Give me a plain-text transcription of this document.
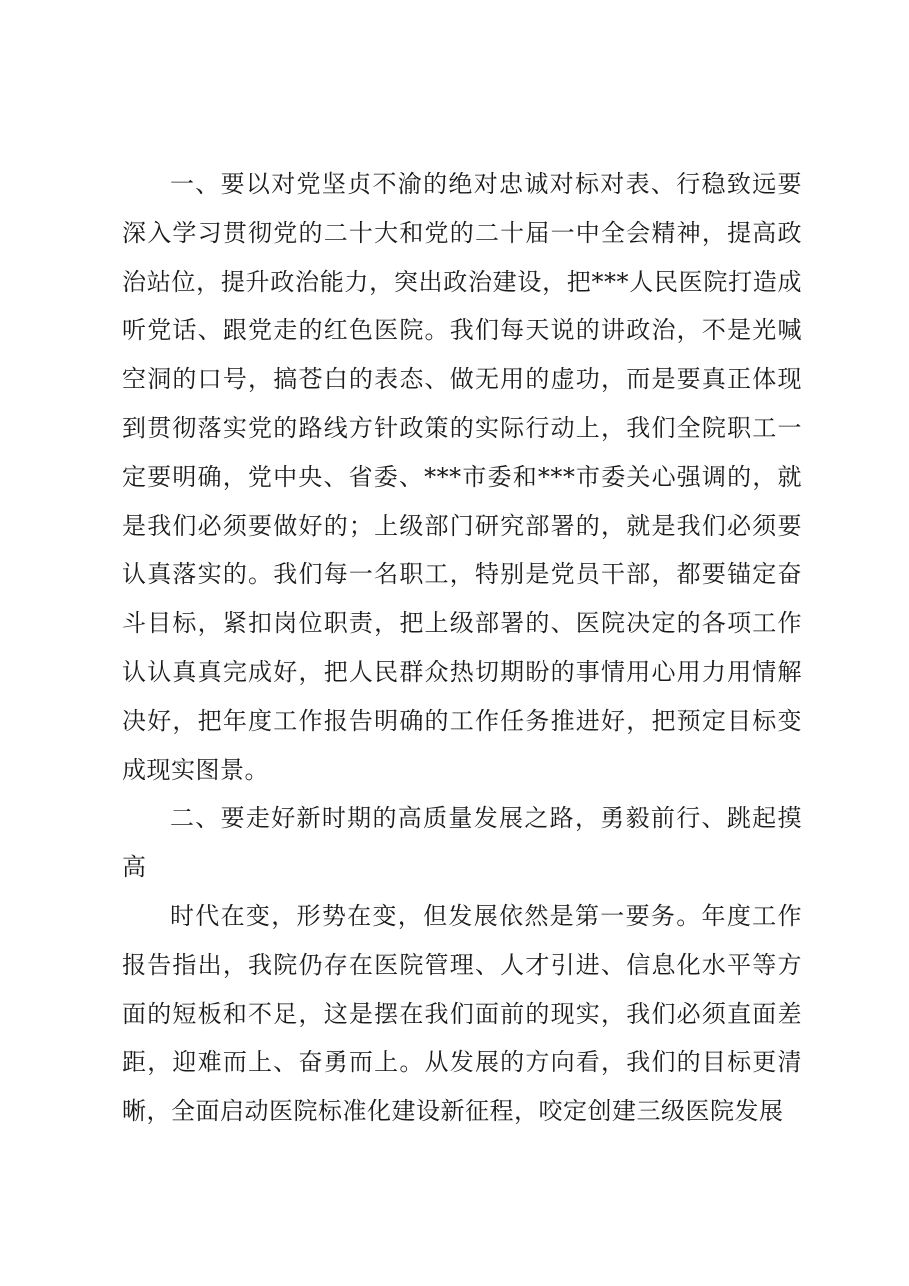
一、要以对党坚贞不渝的绝对忠诚对标对表、行稳致远要深入学习贯彻党的二十大和党的二十届一中全会精神，提高政治站位，提升政治能力，突出政治建设，把***人民医院打造成听党话、跟党走的红色医院。我们每天说的讲政治，不是光喊空洞的口号，搞苍白的表态、做无用的虚功，而是要真正体现到贯彻落实党的路线方针政策的实际行动上，我们全院职工一定要明确，党中央、省委、***市委和***市委关心强调的，就是我们必须要做好的；上级部门研究部署的，就是我们必须要认真落实的。我们每一名职工，特别是党员干部，都要锚定奋斗目标，紧扣岗位职责，把上级部署的、医院决定的各项工作认认真真完成好，把人民群众热切期盼的事情用心用力用情解决好，把年度工作报告明确的工作任务推进好，把预定目标变成现实图景。

二、要走好新时期的高质量发展之路，勇毅前行、跳起摸高

时代在变，形势在变，但发展依然是第一要务。年度工作报告指出，我院仍存在医院管理、人才引进、信息化水平等方面的短板和不足，这是摆在我们面前的现实，我们必须直面差距，迎难而上、奋勇而上。从发展的方向看，我们的目标更清晰，全面启动医院标准化建设新征程，咬定创建三级医院发展
